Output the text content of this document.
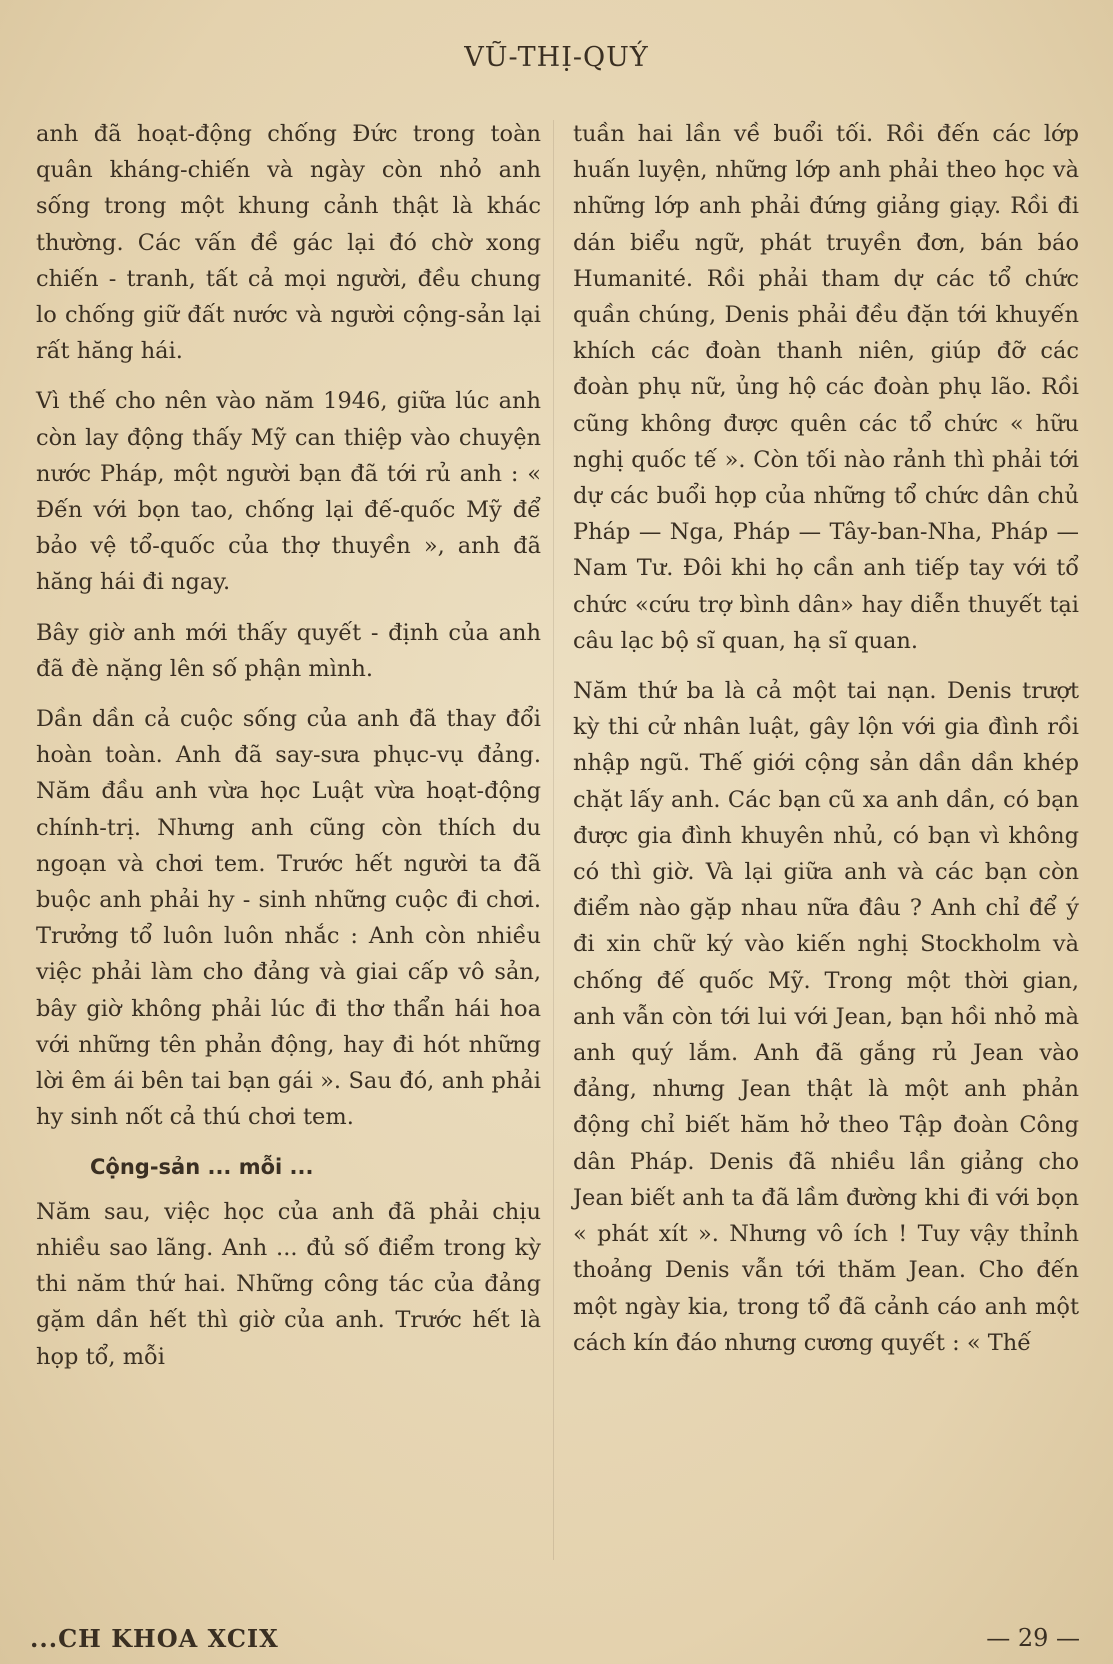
VŨ-THỊ-QUÝ

anh đã hoạt-động chống Đức trong toàn quân kháng-chiến và ngày còn nhỏ anh sống trong một khung cảnh thật là khác thường. Các vấn đề gác lại đó chờ xong chiến - tranh, tất cả mọi người, đều chung lo chống giữ đất nước và người cộng-sản lại rất hăng hái.

Vì thế cho nên vào năm 1946, giữa lúc anh còn lay động thấy Mỹ can thiệp vào chuyện nước Pháp, một người bạn đã tới rủ anh : « Đến với bọn tao, chống lại đế-quốc Mỹ để bảo vệ tổ-quốc của thợ thuyền », anh đã hăng hái đi ngay.

Bây giờ anh mới thấy quyết - định của anh đã đè nặng lên số phận mình.

Dần dần cả cuộc sống của anh đã thay đổi hoàn toàn. Anh đã say-sưa phục-vụ đảng. Năm đầu anh vừa học Luật vừa hoạt-động chính-trị. Nhưng anh cũng còn thích du ngoạn và chơi tem. Trước hết người ta đã buộc anh phải hy - sinh những cuộc đi chơi. Trưởng tổ luôn luôn nhắc : Anh còn nhiều việc phải làm cho đảng và giai cấp vô sản, bây giờ không phải lúc đi thơ thẩn hái hoa với những tên phản động, hay đi hót những lời êm ái bên tai bạn gái ». Sau đó, anh phải hy sinh nốt cả thú chơi tem.

Cộng-sản ... mỗi ...

Năm sau, việc học của anh đã phải chịu nhiều sao lãng. Anh ... đủ số điểm trong kỳ thi năm thứ hai. Những công tác của đảng gặm dần hết thì giờ của anh. Trước hết là họp tổ, mỗi

tuần hai lần về buổi tối. Rồi đến các lớp huấn luyện, những lớp anh phải theo học và những lớp anh phải đứng giảng giạy. Rồi đi dán biểu ngữ, phát truyền đơn, bán báo Humanité. Rồi phải tham dự các tổ chức quần chúng, Denis phải đều đặn tới khuyến khích các đoàn thanh niên, giúp đỡ các đoàn phụ nữ, ủng hộ các đoàn phụ lão. Rồi cũng không được quên các tổ chức « hữu nghị quốc tế ». Còn tối nào rảnh thì phải tới dự các buổi họp của những tổ chức dân chủ Pháp — Nga, Pháp — Tây-ban-Nha, Pháp — Nam Tư. Đôi khi họ cần anh tiếp tay với tổ chức «cứu trợ bình dân» hay diễn thuyết tại câu lạc bộ sĩ quan, hạ sĩ quan.

Năm thứ ba là cả một tai nạn. Denis trượt kỳ thi cử nhân luật, gây lộn với gia đình rồi nhập ngũ. Thế giới cộng sản dần dần khép chặt lấy anh. Các bạn cũ xa anh dần, có bạn được gia đình khuyên nhủ, có bạn vì không có thì giờ. Và lại giữa anh và các bạn còn điểm nào gặp nhau nữa đâu ? Anh chỉ để ý đi xin chữ ký vào kiến nghị Stockholm và chống đế quốc Mỹ. Trong một thời gian, anh vẫn còn tới lui với Jean, bạn hồi nhỏ mà anh quý lắm. Anh đã gắng rủ Jean vào đảng, nhưng Jean thật là một anh phản động chỉ biết hăm hở theo Tập đoàn Công dân Pháp. Denis đã nhiều lần giảng cho Jean biết anh ta đã lầm đường khi đi với bọn « phát xít ». Nhưng vô ích ! Tuy vậy thỉnh thoảng Denis vẫn tới thăm Jean. Cho đến một ngày kia, trong tổ đã cảnh cáo anh một cách kín đáo nhưng cương quyết : « Thế

...CH KHOA XCIX	— 29 —
